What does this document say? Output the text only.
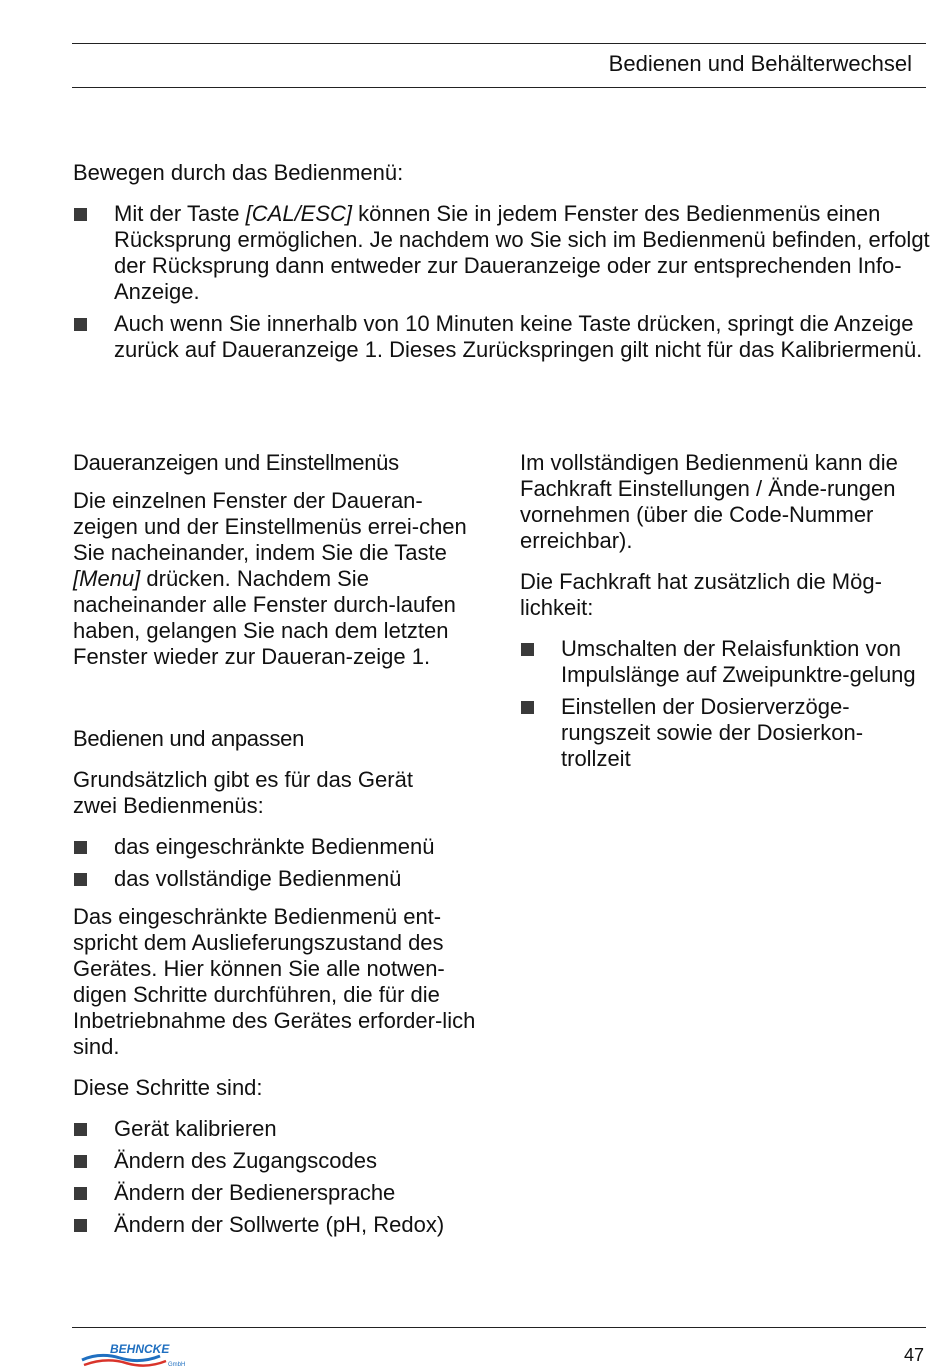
Bedienen und Behälterwechsel

Bewegen durch das Bedienmenü:

Mit der Taste [CAL/ESC] können Sie in jedem Fenster des Bedienmenüs einen Rücksprung ermöglichen. Je nachdem wo Sie sich im Bedienmenü befinden, erfolgt der Rücksprung dann entweder zur Daueranzeige oder zur entsprechenden Info-Anzeige.
Auch wenn Sie innerhalb von 10 Minuten keine Taste drücken, springt die Anzeige zurück auf Daueranzeige 1. Dieses Zurückspringen gilt nicht für das Kalibriermenü.

Daueranzeigen und Einstellmenüs

Die einzelnen Fenster der Daueran-zeigen und der Einstellmenüs errei-chen Sie nacheinander, indem Sie die Taste [Menu] drücken. Nachdem Sie nacheinander alle Fenster durch-laufen haben, gelangen Sie nach dem letzten Fenster wieder zur Daueran-zeige 1.

Bedienen und anpassen

Grundsätzlich gibt es für das Gerät zwei Bedienmenüs:

das eingeschränkte Bedienmenü
das vollständige Bedienmenü

Das eingeschränkte Bedienmenü ent-spricht dem Auslieferungszustand des Gerätes. Hier können Sie alle notwen-digen Schritte durchführen, die für die Inbetriebnahme des Gerätes erforder-lich sind.

Diese Schritte sind:

Gerät kalibrieren
Ändern des Zugangscodes
Ändern der Bedienersprache
Ändern der Sollwerte (pH, Redox)

Im vollständigen Bedienmenü kann die Fachkraft Einstellungen / Ände-rungen vornehmen (über die Code-Nummer erreichbar).

Die Fachkraft hat zusätzlich die Mög-lichkeit:

Umschalten der Relaisfunktion von Impulslänge auf Zweipunktre-gelung
Einstellen der Dosierverzöge-rungszeit sowie der Dosierkon-trollzeit
BEHNCKE
GmbH	47
